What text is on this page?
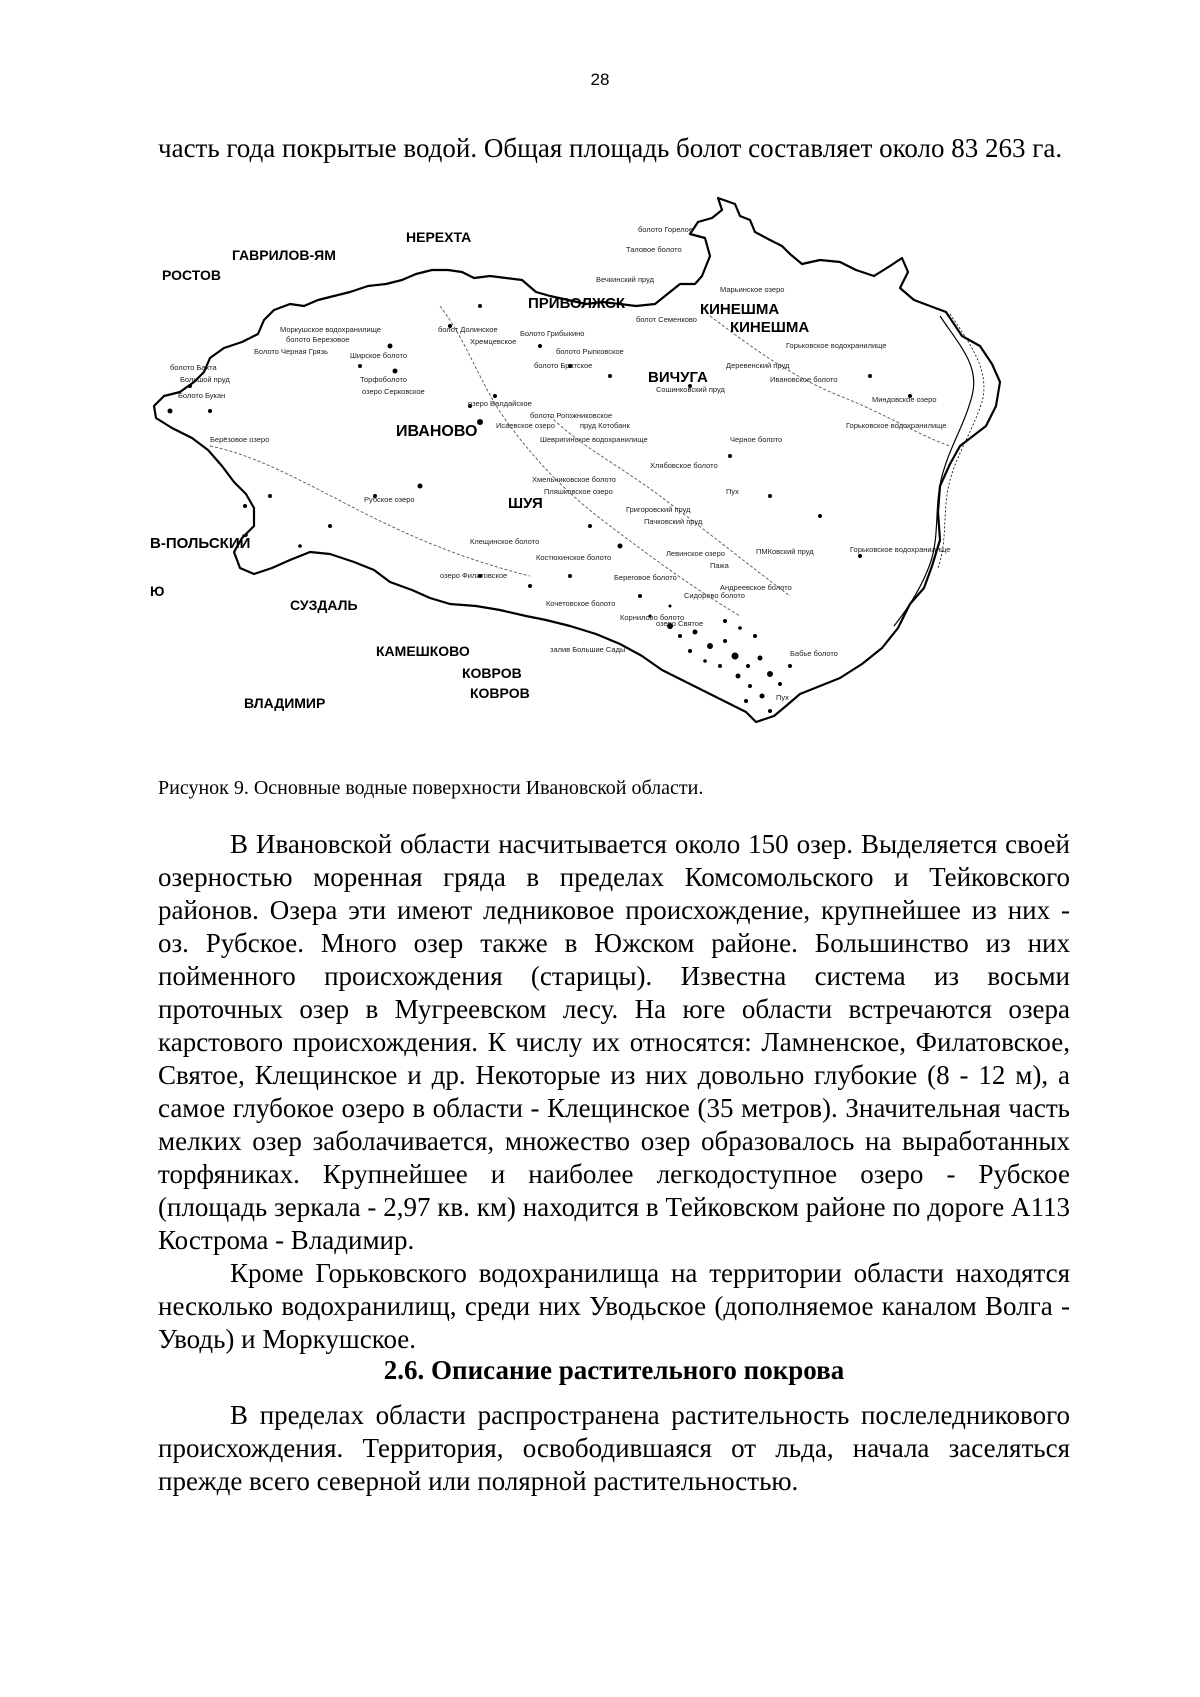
28
часть года покрытые водой. Общая площадь болот составляет около 83 263 га.
НЕРЕХТА
ГАВРИЛОВ-ЯМ
РОСТОВ
ПРИВОЛЖСК	КИНЕШМА
КИНЕШМА
ВИЧУГА
ИВАНОВО
ШУЯ
В-ПОЛЬСКИЙ
Ю
СУЗДАЛЬ
КАМЕШКОВО
КОВРОВ
КОВРОВ
ВЛАДИМИР
болото Горелое
Таловое болото
Вечкинский пруд
Марьинское озеро
болот Семенково
Горьковское водохранилище
Деревенский пруд
Ивановское болото
Миндовское озеро
Горьковское водохранилище
Моркушское водохранилище
болото Березовое
Болото Черная Грязь	Ширское болото
болото Бахта
Большой пруд
Болото Букан
Торфоболото
озеро Серковское
болот Долинское	Болото Грибыкино
Хремцевское
болото Рыпковское
болото Братское
Сошинковский пруд
озеро Валдайское
болото Рогожниковское
Исаевское озеро	пруд Котобанк
Шевригинское водохранилище	Черное болото
Берёзовое озеро
Рубское озеро
Хмельниковское болото
Пляшковское озеро
Григоровский пруд
Пачковский пруд
Пух
Хлябовское болото
озеро Филатовское
Клещинское болото
ПМКовский пруд	Горьковское водохранилище
Костюхинское болото	Левинское озеро
Андреевское болото
озеро Святое
Бабье болото
Пух
залив Большие Сады
Пажа
Береговое болото
Кочетовское болото
Корнилово болото
Сидорово болото
Рисунок 9. Основные водные поверхности Ивановской области.

В Ивановской области насчитывается около 150 озер. Выделяется своей озерностью моренная гряда в пределах Комсомольского и Тейковского районов. Озера эти имеют ледниковое происхождение, крупнейшее из них - оз. Рубское. Много озер также в Южском районе. Большинство из них пойменного происхождения (старицы). Известна система из восьми проточных озер в Мугреевском лесу. На юге области встречаются озера карстового происхождения. К числу их относятся: Ламненское, Филатовское, Святое, Клещинское и др. Некоторые из них довольно глубокие (8 - 12 м), а самое глубокое озеро в области - Клещинское (35 метров). Значительная часть мелких озер заболачивается, множество озер образовалось на выработанных торфяниках. Крупнейшее и наиболее легкодоступное озеро - Рубское (площадь зеркала - 2,97 кв. км) находится в Тейковском районе по дороге А113 Кострома - Владимир.

Кроме Горьковского водохранилища на территории области находятся несколько водохранилищ, среди них Уводьское (дополняемое каналом Волга - Уводь) и Моркушское.

2.6. Описание растительного покрова

В пределах области распространена растительность послеледникового происхождения. Территория, освободившаяся от льда, начала заселяться прежде всего северной или полярной растительностью.
